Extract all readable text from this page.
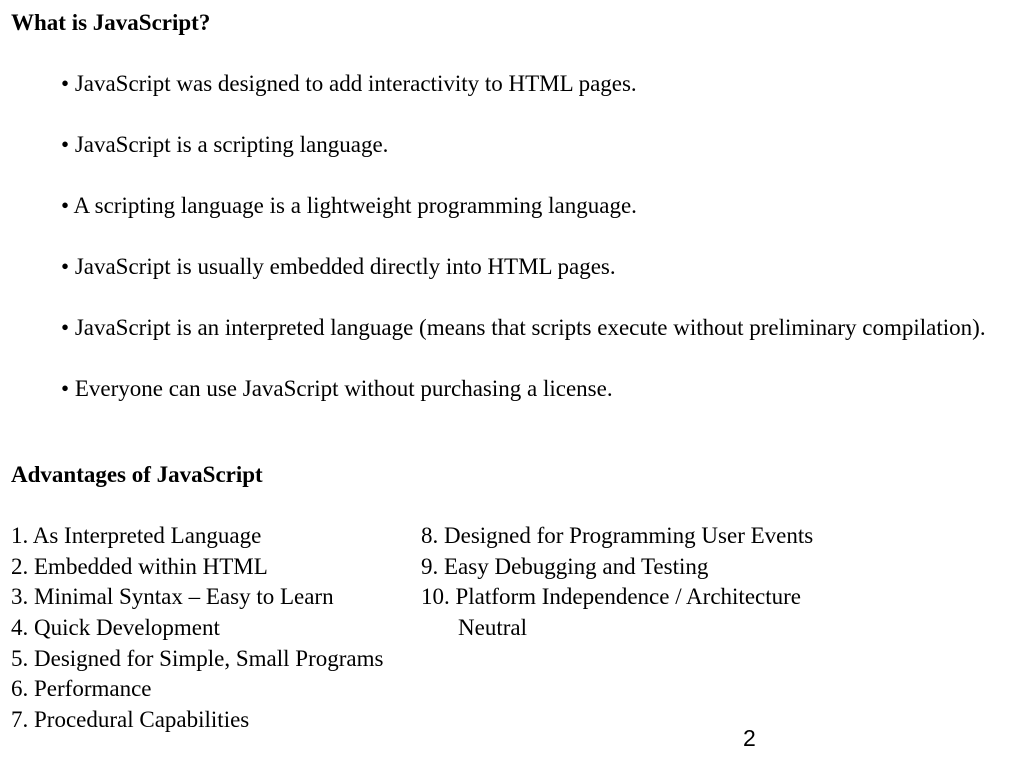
What is JavaScript?

• JavaScript was designed to add interactivity to HTML pages.

• JavaScript is a scripting language.

• A scripting language is a lightweight programming language.

• JavaScript is usually embedded directly into HTML pages.

• JavaScript is an interpreted language (means that scripts execute without preliminary compilation).

• Everyone can use JavaScript without purchasing a license.

Advantages of JavaScript
1. As Interpreted Language
2. Embedded within HTML
3. Minimal Syntax – Easy to Learn
4. Quick Development
5. Designed for Simple, Small Programs
6. Performance
7. Procedural Capabilities
8. Designed for Programming User Events
9. Easy Debugging and Testing
10. Platform Independence / Architecture
Neutral
2
